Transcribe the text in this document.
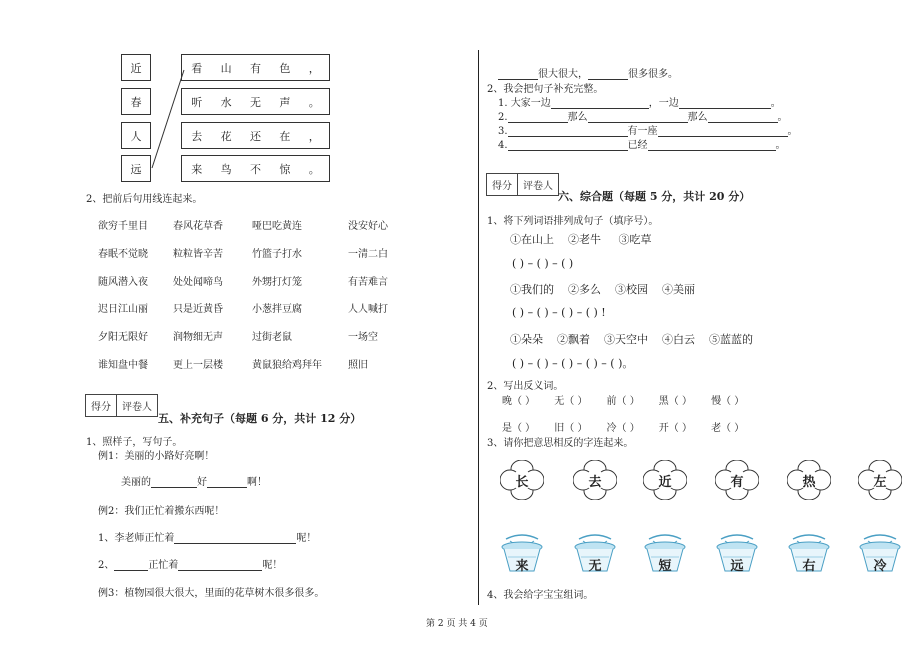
近
春
人
远
看 山 有 色 ，
听 水 无 声 。
去 花 还 在 ，
来 鸟 不 惊 。
2、把前后句用线连起来。
欲穷千里目	春风花草香	哑巴吃黄连	没安好心
春眠不觉晓	粒粒皆辛苦	竹篮子打水	一清二白
随风潜入夜	处处闻啼鸟	外甥打灯笼	有苦难言
迟日江山丽	只是近黄昏	小葱拌豆腐	人人喊打
夕阳无限好	润物细无声	过街老鼠	一场空
谁知盘中餐	更上一层楼	黄鼠狼给鸡拜年	照旧
得分	评卷人
五、补充句子（每题 6 分，共计 12 分）
1、照样子，写句子。
例1：美丽的小路好亮啊！
美丽的	好	啊！
例2：我们正忙着搬东西呢！
1、李老师正忙着	呢！
2、	正忙着	呢！
例3：植物园很大很大，里面的花草树木很多很多。
很大很大，	很多很多。
2、我会把句子补充完整。
1. 大家一边	，一边	。
2.	那么	那么	。
3.	有一座	。
4.	已经	。
得分	评卷人
六、综合题（每题 5 分，共计 20 分）
1、将下列词语排列成句子（填序号）。
①在山上 ②老牛 ③吃草
( ) – ( ) – ( )
①我们的 ②多么 ③校园 ④美丽
( ) – ( ) – ( ) – ( ) !
①朵朵 ②飘着 ③天空中 ④白云 ⑤蓝蓝的
( ) – ( ) – ( ) – ( ) – ( )。
2、写出反义词。
晚（ ） 无（ ） 前（ ） 黑（ ） 慢（ ）
是（ ） 旧（ ） 冷（ ） 开（ ） 老（ ）
3、请你把意思相反的字连起来。
长	去	近	有	热	左
来	无	短	远	右	冷
4、我会给字宝宝组词。
第 2 页 共 4 页
